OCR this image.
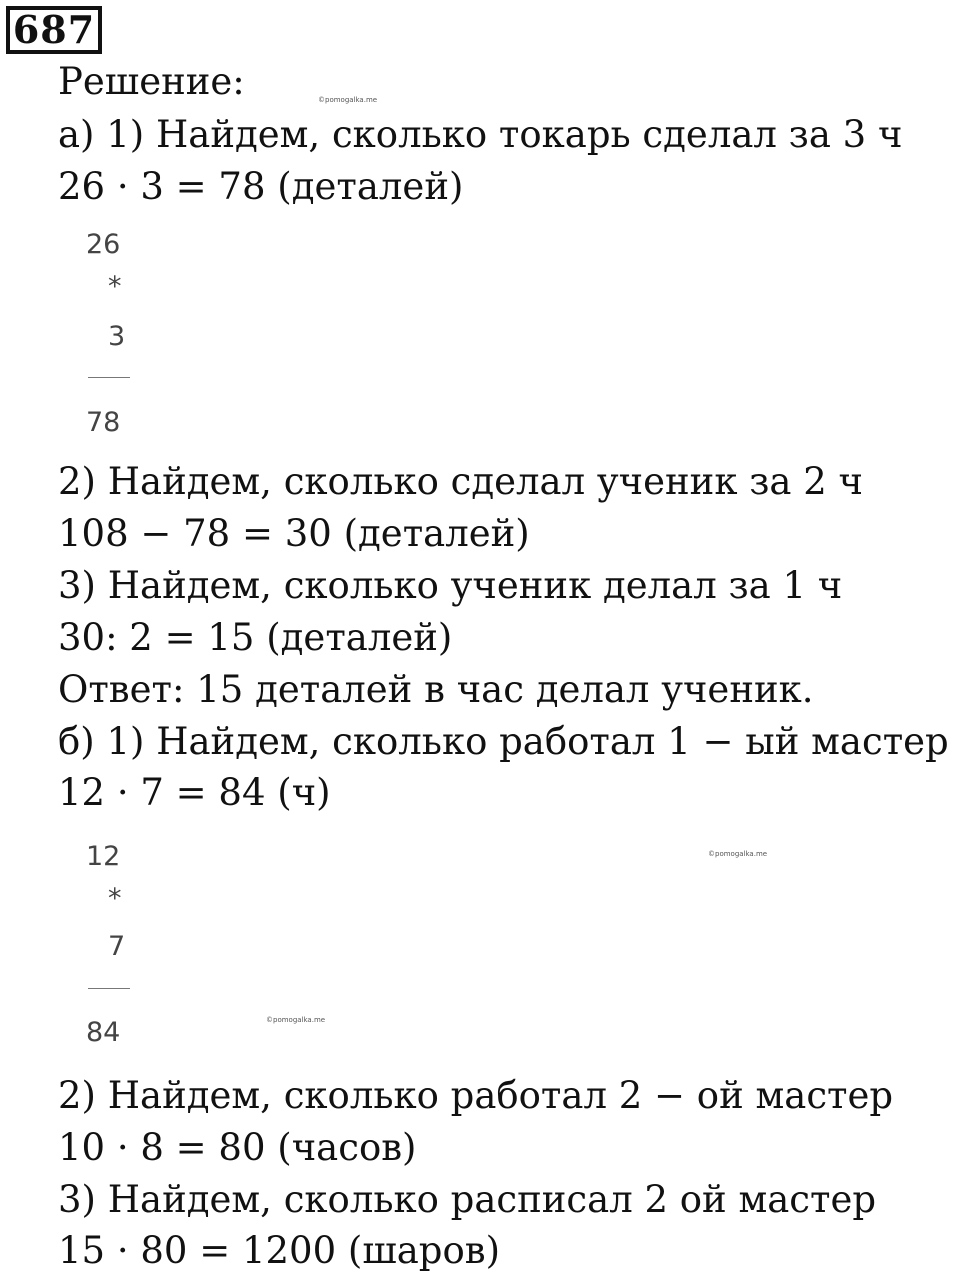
687
©pomogalka.me
©pomogalka.me
©pomogalka.me
Решение:
а) 1) Найдем, сколько токарь сделал за 3 ч
26 · 3 = 78 (деталей)
26
*
3
78
2) Найдем, сколько сделал ученик за 2 ч
108 − 78 = 30 (деталей)
3) Найдем, сколько ученик делал за 1 ч
30: 2 = 15 (деталей)
Ответ: 15 деталей в час делал ученик.
б) 1) Найдем, сколько работал 1 − ый мастер
12 · 7 = 84 (ч)
12
*
7
84
2) Найдем, сколько работал 2 − ой мастер
10 · 8 = 80 (часов)
3) Найдем, сколько расписал 2 ой мастер
15 · 80 = 1200 (шаров)
